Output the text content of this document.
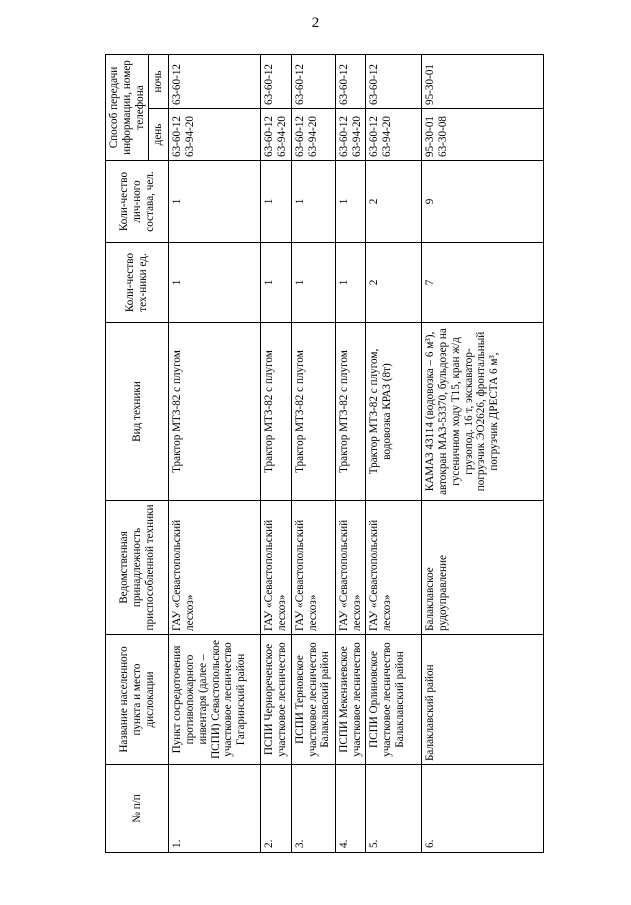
2
№ п/п	Название населенного пункта и место дислокации	Ведомственная принадлежность приспособленной техники	Вид техники	Коли-чество тех-ники ед.	Коли-чество лич-ного состава, чел.	Способ передачи информации, номер телефона	
						день	ночь
1.	Пункт сосредоточения противопожарного инвентаря (далее – ПСПИ) Севастопольское участковое лесничество Гагаринский район	ГАУ «Севастопольский лесхоз»	Трактор МТЗ-82 с плугом	1	1	63-60-12 63-94-20	63-60-12
2.	ПСПИ Чернореченское участковое лесничество	ГАУ «Севастопольский лесхоз»	Трактор МТЗ-82 с плугом	1	1	63-60-12 63-94-20	63-60-12
3.	ПСПИ Терновское участковое лесничество Балаклавский район	ГАУ «Севастопольский лесхоз»	Трактор МТЗ-82 с плугом	1	1	63-60-12 63-94-20	63-60-12
4.	ПСПИ Мекензиевское участковое лесничество	ГАУ «Севастопольский лесхоз»	Трактор МТЗ-82 с плугом	1	1	63-60-12 63-94-20	63-60-12
5.	ПСПИ Орлиновское участковое лесничество Балаклавский район	ГАУ «Севастопольский лесхоз»	Трактор МТЗ-82 с плугом, водовозка КРАЗ (8т)	2	2	63-60-12 63-94-20	63-60-12
6.	Балаклавский район	Балаклавское рудоуправление	КАМАЗ 43114 (водовозка – 6 м³), автокран МАЗ-53370, бульдозер на гусеничном ходу Т15, кран ж/д грузопод. 16 т, экскаватор-погрузчик ЭО2626, фронтальный погрузчик ДРЕСТА 6 м³,	7	9	95-30-01 63-30-08	95-30-01
